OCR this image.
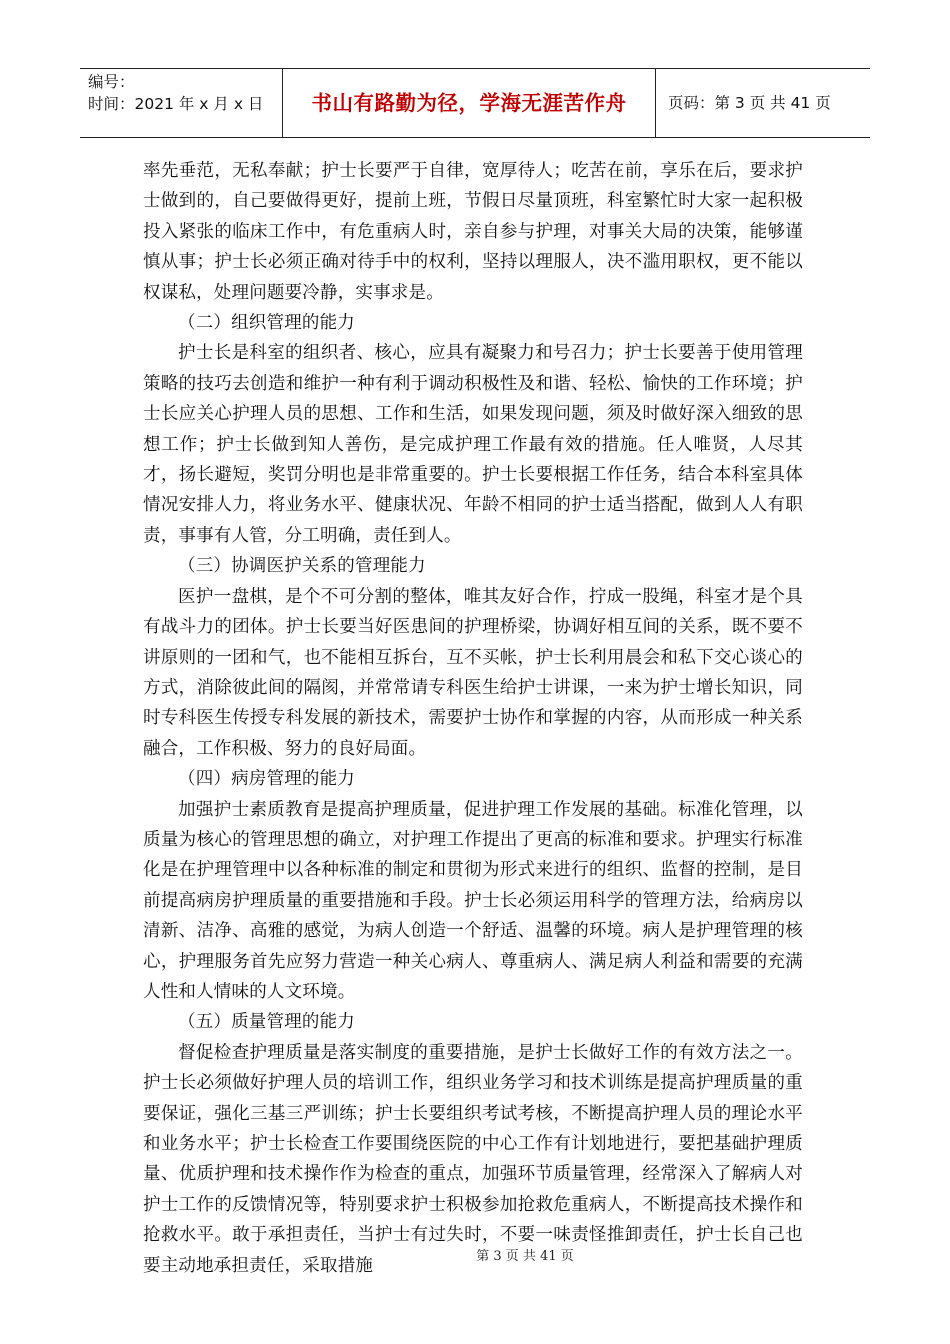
编号：
时间：2021 年 x 月 x 日	书山有路勤为径，学海无涯苦作舟	页码：第 3 页 共 41 页

率先垂范，无私奉献；护士长要严于自律，宽厚待人；吃苦在前，享乐在后，要求护士做到的，自己要做得更好，提前上班，节假日尽量顶班，科室繁忙时大家一起积极投入紧张的临床工作中，有危重病人时，亲自参与护理，对事关大局的决策，能够谨慎从事；护士长必须正确对待手中的权利，坚持以理服人，决不滥用职权，更不能以权谋私，处理问题要冷静，实事求是。

（二）组织管理的能力

护士长是科室的组织者、核心，应具有凝聚力和号召力；护士长要善于使用管理策略的技巧去创造和维护一种有利于调动积极性及和谐、轻松、愉快的工作环境；护士长应关心护理人员的思想、工作和生活，如果发现问题，须及时做好深入细致的思想工作；护士长做到知人善伤，是完成护理工作最有效的措施。任人唯贤，人尽其才，扬长避短，奖罚分明也是非常重要的。护士长要根据工作任务，结合本科室具体情况安排人力，将业务水平、健康状况、年龄不相同的护士适当搭配，做到人人有职责，事事有人管，分工明确，责任到人。

（三）协调医护关系的管理能力

医护一盘棋，是个不可分割的整体，唯其友好合作，拧成一股绳，科室才是个具有战斗力的团体。护士长要当好医患间的护理桥梁，协调好相互间的关系，既不要不讲原则的一团和气，也不能相互拆台，互不买帐，护士长利用晨会和私下交心谈心的方式，消除彼此间的隔阂，并常常请专科医生给护士讲课，一来为护士增长知识，同时专科医生传授专科发展的新技术，需要护士协作和掌握的内容，从而形成一种关系融合，工作积极、努力的良好局面。

（四）病房管理的能力

加强护士素质教育是提高护理质量，促进护理工作发展的基础。标准化管理，以质量为核心的管理思想的确立，对护理工作提出了更高的标准和要求。护理实行标准化是在护理管理中以各种标准的制定和贯彻为形式来进行的组织、监督的控制，是目前提高病房护理质量的重要措施和手段。护士长必须运用科学的管理方法，给病房以清新、洁净、高雅的感觉，为病人创造一个舒适、温馨的环境。病人是护理管理的核心，护理服务首先应努力营造一种关心病人、尊重病人、满足病人利益和需要的充满人性和人情味的人文环境。

（五）质量管理的能力

督促检查护理质量是落实制度的重要措施，是护士长做好工作的有效方法之一。护士长必须做好护理人员的培训工作，组织业务学习和技术训练是提高护理质量的重要保证，强化三基三严训练；护士长要组织考试考核，不断提高护理人员的理论水平和业务水平；护士长检查工作要围绕医院的中心工作有计划地进行，要把基础护理质量、优质护理和技术操作作为检查的重点，加强环节质量管理，经常深入了解病人对护士工作的反馈情况等，特别要求护士积极参加抢救危重病人，不断提高技术操作和抢救水平。敢于承担责任，当护士有过失时，不要一味责怪推卸责任，护士长自己也要主动地承担责任，采取措施	第 3 页 共 41 页
